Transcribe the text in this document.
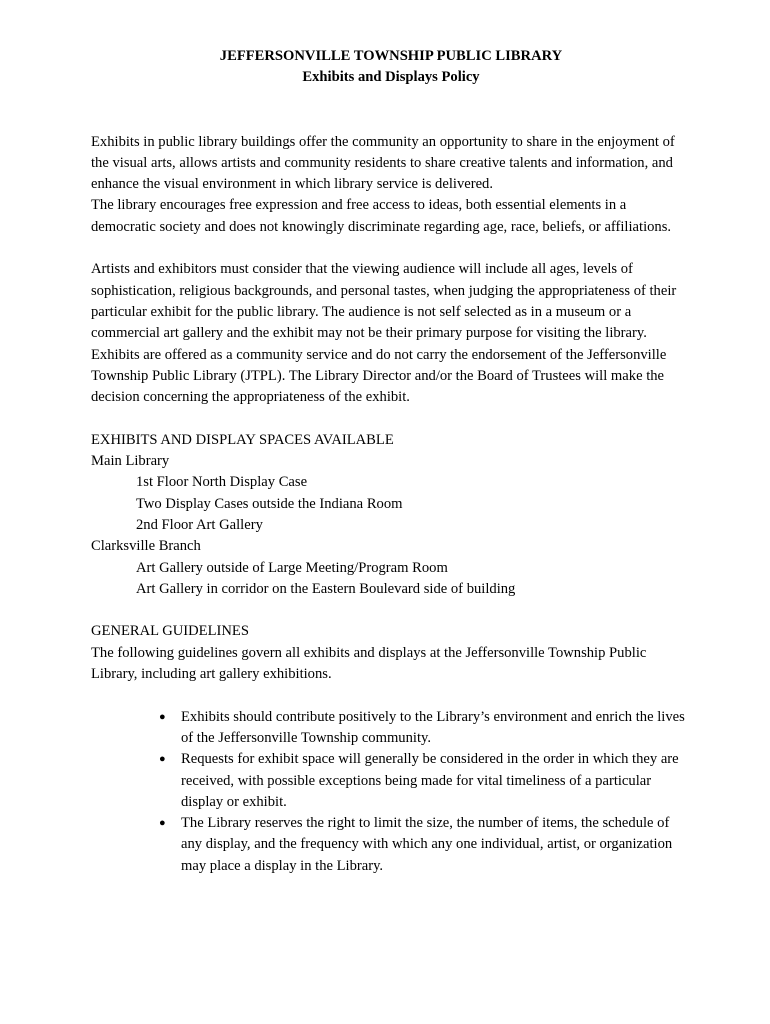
JEFFERSONVILLE TOWNSHIP PUBLIC LIBRARY

Exhibits and Displays Policy

Exhibits in public library buildings offer the community an opportunity to share in the enjoyment of the visual arts, allows artists and community residents to share creative talents and information, and enhance the visual environment in which library service is delivered.

The library encourages free expression and free access to ideas, both essential elements in a democratic society and does not knowingly discriminate regarding age, race, beliefs, or affiliations.

Artists and exhibitors must consider that the viewing audience will include all ages, levels of sophistication, religious backgrounds, and personal tastes, when judging the appropriateness of their particular exhibit for the public library. The audience is not self selected as in a museum or a commercial art gallery and the exhibit may not be their primary purpose for visiting the library. Exhibits are offered as a community service and do not carry the endorsement of the Jeffersonville Township Public Library (JTPL). The Library Director and/or the Board of Trustees will make the decision concerning the appropriateness of the exhibit.

EXHIBITS AND DISPLAY SPACES AVAILABLE

Main Library

1st Floor North Display Case

Two Display Cases outside the Indiana Room

2nd Floor Art Gallery

Clarksville Branch

Art Gallery outside of Large Meeting/Program Room

Art Gallery in corridor on the Eastern Boulevard side of building

GENERAL GUIDELINES

The following guidelines govern all exhibits and displays at the Jeffersonville Township Public Library, including art gallery exhibitions.

● Exhibits should contribute positively to the Library’s environment and enrich the lives of the Jeffersonville Township community.
● Requests for exhibit space will generally be considered in the order in which they are received, with possible exceptions being made for vital timeliness of a particular display or exhibit.
● The Library reserves the right to limit the size, the number of items, the schedule of any display, and the frequency with which any one individual, artist, or organization may place a display in the Library.
